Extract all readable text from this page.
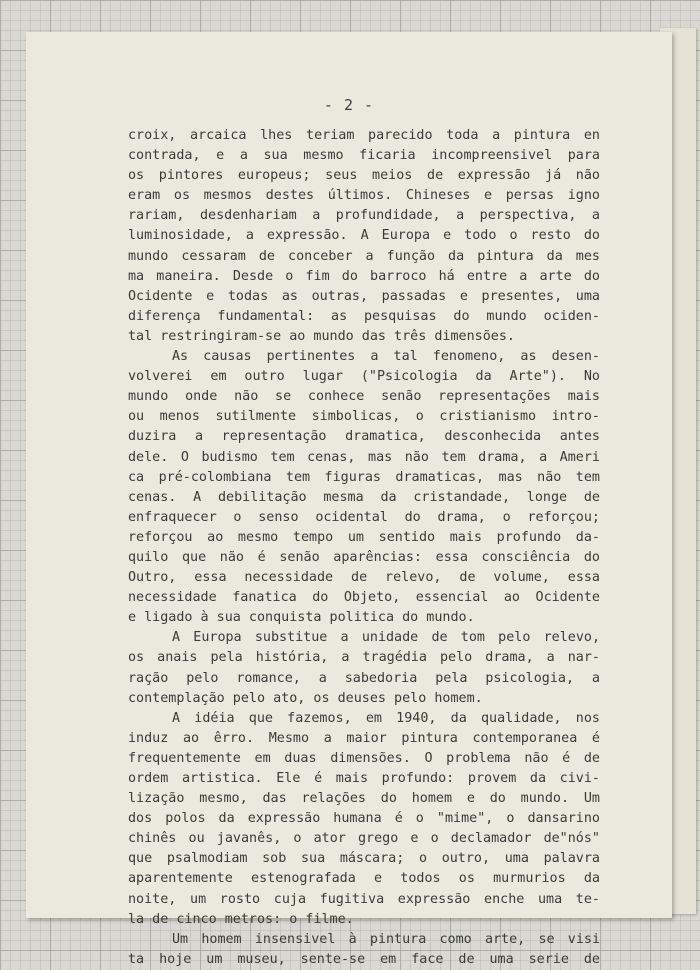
- 2 -

croix, arcaica lhes teriam parecido toda a pintura en
contrada, e a sua mesmo ficaria incompreensivel para
os pintores europeus; seus meios de expressão já não
eram os mesmos destes últimos. Chineses e persas igno
rariam, desdenhariam a profundidade, a perspectiva, a
luminosidade, a expressão. A Europa e todo o resto do
mundo cessaram de conceber a função da pintura da mes
ma maneira. Desde o fim do barroco há entre a arte do
Ocidente e todas as outras, passadas e presentes, uma
diferença fundamental: as pesquisas do mundo ociden-
tal restringiram-se ao mundo das três dimensões.
As causas pertinentes a tal fenomeno, as desen-
volverei em outro lugar ("Psicologia da Arte"). No
mundo onde não se conhece senão representações mais
ou menos sutilmente simbolicas, o cristianismo intro-
duzira a representação dramatica, desconhecida antes
dele. O budismo tem cenas, mas não tem drama, a Ameri
ca pré-colombiana tem figuras dramaticas, mas não tem
cenas. A debilitação mesma da cristandade, longe de
enfraquecer o senso ocidental do drama, o reforçou;
reforçou ao mesmo tempo um sentido mais profundo da-
quilo que não é senão aparências: essa consciência do
Outro, essa necessidade de relevo, de volume, essa
necessidade fanatica do Objeto, essencial ao Ocidente
e ligado à sua conquista politica do mundo.
A Europa substitue a unidade de tom pelo relevo,
os anais pela história, a tragédia pelo drama, a nar-
ração pelo romance, a sabedoria pela psicologia, a
contemplação pelo ato, os deuses pelo homem.
A idéia que fazemos, em 1940, da qualidade, nos
induz ao êrro. Mesmo a maior pintura contemporanea é
frequentemente em duas dimensões. O problema não é de
ordem artistica. Ele é mais profundo: provem da civi-
lização mesmo, das relações do homem e do mundo. Um
dos polos da expressão humana é o "mime", o dansarino
chinês ou javanês, o ator grego e o declamador de"nós"
que psalmodiam sob sua máscara; o outro, uma palavra
aparentemente estenografada e todos os murmurios da
noite, um rosto cuja fugitiva expressão enche uma te-
la de cinco metros: o filme.
Um homem insensivel à pintura como arte, se visi
ta hoje um museu, sente-se em face de uma serie de
